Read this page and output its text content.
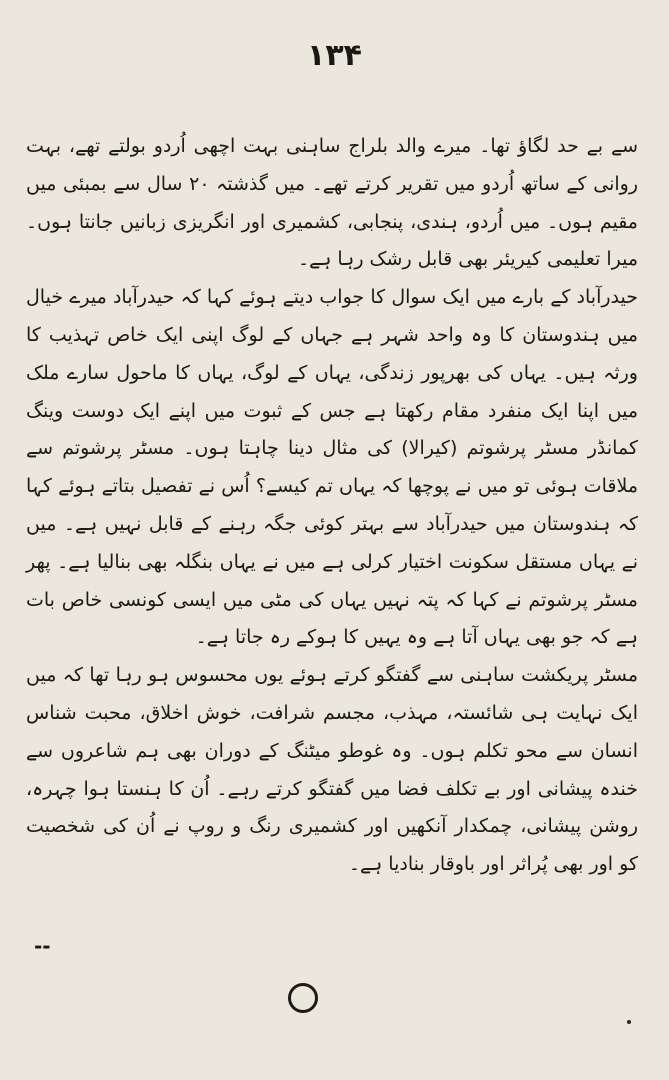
۱۳۴

سے بے حد لگاؤ تھا۔ میرے والد بلراج ساہنی بہت اچھی اُردو بولتے تھے، بہت روانی کے ساتھ اُردو میں تقریر کرتے تھے۔ میں گذشتہ ۲۰ سال سے بمبئی میں مقیم ہوں۔ میں اُردو، ہندی، پنجابی، کشمیری اور انگریزی زبانیں جانتا ہوں۔ میرا تعلیمی کیریئر بھی قابل رشک رہا ہے۔

حیدرآباد کے بارے میں ایک سوال کا جواب دیتے ہوئے کہا کہ حیدرآباد میرے خیال میں ہندوستان کا وہ واحد شہر ہے جہاں کے لوگ اپنی ایک خاص تہذیب کا ورثہ ہیں۔ یہاں کی بھرپور زندگی، یہاں کے لوگ، یہاں کا ماحول سارے ملک میں اپنا ایک منفرد مقام رکھتا ہے جس کے ثبوت میں اپنے ایک دوست وینگ کمانڈر مسٹر پرشوتم (کیرالا) کی مثال دینا چاہتا ہوں۔ مسٹر پرشوتم سے ملاقات ہوئی تو میں نے پوچھا کہ یہاں تم کیسے؟ اُس نے تفصیل بتاتے ہوئے کہا کہ ہندوستان میں حیدرآباد سے بہتر کوئی جگہ رہنے کے قابل نہیں ہے۔ میں نے یہاں مستقل سکونت اختیار کرلی ہے میں نے یہاں بنگلہ بھی بنالیا ہے۔ پھر مسٹر پرشوتم نے کہا کہ پتہ نہیں یہاں کی مٹی میں ایسی کونسی خاص بات ہے کہ جو بھی یہاں آتا ہے وہ یہیں کا ہوکے رہ جاتا ہے۔

مسٹر پریکشت ساہنی سے گفتگو کرتے ہوئے یوں محسوس ہو رہا تھا کہ میں ایک نہایت ہی شائستہ، مہذب، مجسم شرافت، خوش اخلاق، محبت شناس انسان سے محو تکلم ہوں۔ وہ غوطو میٹنگ کے دوران بھی ہم شاعروں سے خندہ پیشانی اور بے تکلف فضا میں گفتگو کرتے رہے۔ اُن کا ہنستا ہوا چہرہ، روشن پیشانی، چمکدار آنکھیں اور کشمیری رنگ و روپ نے اُن کی شخصیت کو اور بھی پُراثر اور باوقار بنادیا ہے۔

--
